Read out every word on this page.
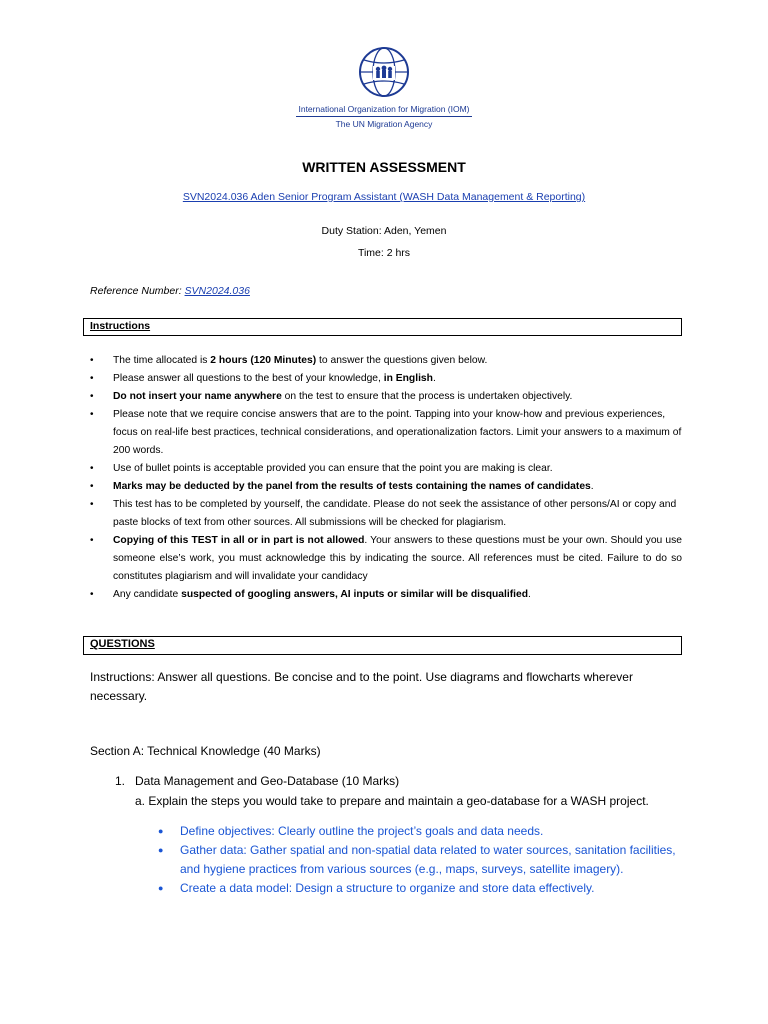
International Organization for Migration (IOM)
The UN Migration Agency
WRITTEN ASSESSMENT
SVN2024.036 Aden Senior Program Assistant (WASH Data Management & Reporting)
Duty Station: Aden, Yemen
Time: 2 hrs
Reference Number: SVN2024.036
Instructions
• The time allocated is 2 hours (120 Minutes) to answer the questions given below.
• Please answer all questions to the best of your knowledge, in English.
• Do not insert your name anywhere on the test to ensure that the process is undertaken objectively.
• Please note that we require concise answers that are to the point. Tapping into your know-how and previous experiences, focus on real-life best practices, technical considerations, and operationalization factors. Limit your answers to a maximum of 200 words.
• Use of bullet points is acceptable provided you can ensure that the point you are making is clear.
• Marks may be deducted by the panel from the results of tests containing the names of candidates.
• This test has to be completed by yourself, the candidate. Please do not seek the assistance of other persons/AI or copy and paste blocks of text from other sources. All submissions will be checked for plagiarism.
• Copying of this TEST in all or in part is not allowed. Your answers to these questions must be your own. Should you use someone else’s work, you must acknowledge this by indicating the source. All references must be cited. Failure to do so constitutes plagiarism and will invalidate your candidacy
• Any candidate suspected of googling answers, AI inputs or similar will be disqualified.
QUESTIONS
Instructions: Answer all questions. Be concise and to the point. Use diagrams and flowcharts wherever necessary.
Section A: Technical Knowledge (40 Marks)
1. Data Management and Geo-Database (10 Marks)
a. Explain the steps you would take to prepare and maintain a geo-database for a WASH project.
● Define objectives: Clearly outline the project’s goals and data needs.
● Gather data: Gather spatial and non-spatial data related to water sources, sanitation facilities, and hygiene practices from various sources (e.g., maps, surveys, satellite imagery).
● Create a data model: Design a structure to organize and store data effectively.
